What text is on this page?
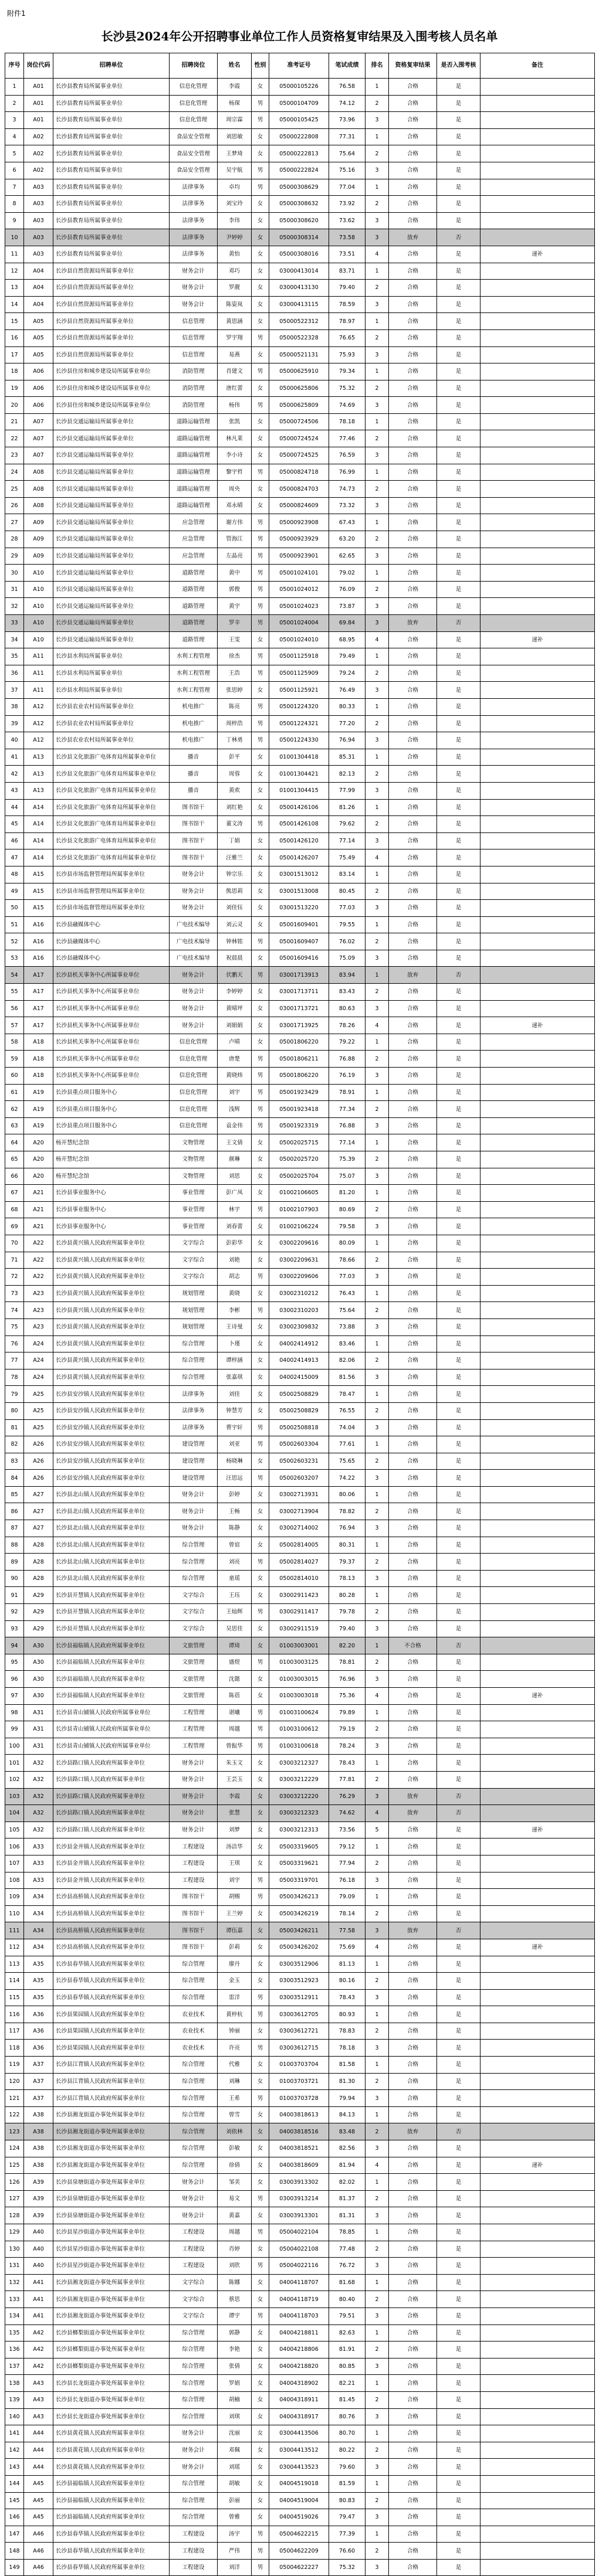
附件1
长沙县2024年公开招聘事业单位工作人员资格复审结果及入围考核人员名单
序号	岗位代码	招聘单位	招聘岗位	姓名	性别	准考证号	笔试成绩	排名	资格复审结果	是否入围考核	备注
1	A01	长沙县教育局所属事业单位	信息化管理	李霞	女	05000105226	76.58	1	合格	是	
2	A01	长沙县教育局所属事业单位	信息化管理	杨琛	男	05000104709	74.12	2	合格	是	
3	A01	长沙县教育局所属事业单位	信息化管理	周宗霖	男	05000105425	73.96	3	合格	是	
4	A02	长沙县教育局所属事业单位	食品安全管理	刘思敏	女	05000222808	77.31	1	合格	是	
5	A02	长沙县教育局所属事业单位	食品安全管理	王梦琦	女	05000222813	75.64	2	合格	是	
6	A02	长沙县教育局所属事业单位	食品安全管理	吴宇航	男	05000222824	75.16	3	合格	是	
7	A03	长沙县教育局所属事业单位	法律事务	卓均	男	05000308629	77.04	1	合格	是	
8	A03	长沙县教育局所属事业单位	法律事务	刘宝玲	女	05000308632	73.92	2	合格	是	
9	A03	长沙县教育局所属事业单位	法律事务	李玮	女	05000308620	73.62	3	合格	是	
10	A03	长沙县教育局所属事业单位	法律事务	尹婷婷	女	05000308314	73.58	3	放弃	否	
11	A03	长沙县教育局所属事业单位	法律事务	黄怡	女	05000308016	73.51	4	合格	是	递补
12	A04	长沙县自然资源局所属事业单位	财务会计	邓巧	女	03000413014	83.71	1	合格	是	
13	A04	长沙县自然资源局所属事业单位	财务会计	罗靓	女	03000413130	79.40	2	合格	是	
14	A04	长沙县自然资源局所属事业单位	财务会计	陈姿岚	女	03000413115	78.59	3	合格	是	
15	A05	长沙县自然资源局所属事业单位	信息管理	黄思涵	女	05000522312	78.97	1	合格	是	
16	A05	长沙县自然资源局所属事业单位	信息管理	罗宇翔	男	05000522328	76.65	2	合格	是	
17	A05	长沙县自然资源局所属事业单位	信息管理	易燕	女	05000521131	75.93	3	合格	是	
18	A06	长沙县住房和城乡建设局所属事业单位	消防管理	肖建文	男	05000625910	79.34	1	合格	是	
19	A06	长沙县住房和城乡建设局所属事业单位	消防管理	唐红蕾	女	05000625806	75.32	2	合格	是	
20	A06	长沙县住房和城乡建设局所属事业单位	消防管理	杨伟	男	05000625809	74.69	3	合格	是	
21	A07	长沙县交通运输局所属事业单位	道路运输管理	张凯	女	05000724506	78.18	1	合格	是	
22	A07	长沙县交通运输局所属事业单位	道路运输管理	林凡莱	女	05000724524	77.46	2	合格	是	
23	A07	长沙县交通运输局所属事业单位	道路运输管理	李小诗	女	05000724525	76.59	3	合格	是	
24	A08	长沙县交通运输局所属事业单位	道路运输管理	黎宇哲	男	05000824718	76.99	1	合格	是	
25	A08	长沙县交通运输局所属事业单位	道路运输管理	周央	女	05000824703	74.73	2	合格	是	
26	A08	长沙县交通运输局所属事业单位	道路运输管理	邓永晴	女	05000824609	73.32	3	合格	是	
27	A09	长沙县交通运输局所属事业单位	应急管理	谢方伟	男	05000923908	67.43	1	合格	是	
28	A09	长沙县交通运输局所属事业单位	应急管理	管海江	男	05000923929	63.20	2	合格	是	
29	A09	长沙县交通运输局所属事业单位	应急管理	左晶亮	男	05000923901	62.65	3	合格	是	
30	A10	长沙县交通运输局所属事业单位	道路管理	黄中	男	05001024101	79.02	1	合格	是	
31	A10	长沙县交通运输局所属事业单位	道路管理	郭俊	男	05001024012	76.09	2	合格	是	
32	A10	长沙县交通运输局所属事业单位	道路管理	黄宇	男	05001024023	73.87	3	合格	是	
33	A10	长沙县交通运输局所属事业单位	道路管理	罗辛	男	05001024004	69.84	3	放弃	否	
34	A10	长沙县交通运输局所属事业单位	道路管理	王雯	女	05001024010	68.95	4	合格	是	递补
35	A11	长沙县水利局所属事业单位	水利工程管理	徐杰	男	05001125918	79.49	1	合格	是	
36	A11	长沙县水利局所属事业单位	水利工程管理	王浩	男	05001125909	79.24	2	合格	是	
37	A11	长沙县水利局所属事业单位	水利工程管理	张思婷	女	05001125921	76.49	3	合格	是	
38	A12	长沙县农业农村局所属事业单位	机电推广	陈亮	男	05001224320	80.33	1	合格	是	
39	A12	长沙县农业农村局所属事业单位	机电推广	周梓浩	男	05001224321	77.20	2	合格	是	
40	A12	长沙县农业农村局所属事业单位	机电推广	丁林勇	男	05001224330	76.94	3	合格	是	
41	A13	长沙县文化旅游广电体育局所属事业单位	播音	彭平	女	01001304418	85.31	1	合格	是	
42	A13	长沙县文化旅游广电体育局所属事业单位	播音	周蓉	女	01001304421	82.13	2	合格	是	
43	A13	长沙县文化旅游广电体育局所属事业单位	播音	黄欢	女	01001304415	77.99	3	合格	是	
44	A14	长沙县文化旅游广电体育局所属事业单位	图书馆干	刘红艳	女	05001426106	81.26	1	合格	是	
45	A14	长沙县文化旅游广电体育局所属事业单位	图书馆干	董文涛	男	05001426108	79.62	2	合格	是	
46	A14	长沙县文化旅游广电体育局所属事业单位	图书馆干	丁娟	女	05001426120	77.14	3	合格	是	
47	A14	长沙县文化旅游广电体育局所属事业单位	图书馆干	汪雅兰	女	05001426207	75.49	4	合格	是	
48	A15	长沙县市场监督管理局所属事业单位	财务会计	钟宗乐	女	03001513012	83.14	1	合格	是	
49	A15	长沙县市场监督管理局所属事业单位	财务会计	熊思莉	女	03001513008	80.45	2	合格	是	
50	A15	长沙县市场监督管理局所属事业单位	财务会计	刘佳钰	女	03001513220	77.03	3	合格	是	
51	A16	长沙县融媒体中心	广电技术编导	刘云灵	女	05001609401	79.55	1	合格	是	
52	A16	长沙县融媒体中心	广电技术编导	钟林铭	男	05001609407	76.02	2	合格	是	
53	A16	长沙县融媒体中心	广电技术编导	祝晨晨	女	05001609416	75.09	3	合格	是	
54	A17	长沙县机关事务中心所属事业单位	财务会计	伏鹏天	男	03001713913	83.94	1	放弃	否	
55	A17	长沙县机关事务中心所属事业单位	财务会计	李婷婷	女	03001713711	83.43	2	合格	是	
56	A17	长沙县机关事务中心所属事业单位	财务会计	黄晴坪	女	03001713721	80.63	3	合格	是	
57	A17	长沙县机关事务中心所属事业单位	财务会计	刘娟娟	女	03001713925	78.26	4	合格	是	递补
58	A18	长沙县机关事务中心所属事业单位	信息化管理	卢晴	女	05001806220	79.22	1	合格	是	
59	A18	长沙县机关事务中心所属事业单位	信息化管理	唐楚	男	05001806211	76.88	2	合格	是	
60	A18	长沙县机关事务中心所属事业单位	信息化管理	黄晓炜	男	05001806220	76.19	3	合格	是	
61	A19	长沙县重点项目服务中心	信息化管理	刘宇	男	05001923429	78.91	1	合格	是	
62	A19	长沙县重点项目服务中心	信息化管理	浅辉	男	05001923418	77.34	2	合格	是	
63	A19	长沙县重点项目服务中心	信息化管理	袁金伟	男	05001923319	76.88	3	合格	是	
64	A20	杨开慧纪念馆	文物管理	王文倩	女	05002025715	77.14	1	合格	是	
65	A20	杨开慧纪念馆	文物管理	颜琳	女	05002025720	75.39	2	合格	是	
66	A20	杨开慧纪念馆	文物管理	刘思	女	05002025704	75.07	3	合格	是	
67	A21	长沙县事业服务中心	事业管理	彭广凤	女	01002106605	81.20	1	合格	是	
68	A21	长沙县事业服务中心	事业管理	林宇	男	01002107903	80.69	2	合格	是	
69	A21	长沙县事业服务中心	事业管理	刘春蕾	女	01002106224	79.58	3	合格	是	
70	A22	长沙县黄兴镇人民政府所属事业单位	文字综合	彭彩华	女	03002209616	80.09	1	合格	是	
71	A22	长沙县黄兴镇人民政府所属事业单位	文字综合	刘艳	女	03002209631	78.66	2	合格	是	
72	A22	长沙县黄兴镇人民政府所属事业单位	文字综合	胡志	男	03002209606	77.03	3	合格	是	
73	A23	长沙县黄兴镇人民政府所属事业单位	规划管理	黄晓	女	03002310212	76.43	1	合格	是	
74	A23	长沙县黄兴镇人民政府所属事业单位	规划管理	李彬	男	03002310203	75.64	2	合格	是	
75	A23	长沙县黄兴镇人民政府所属事业单位	规划管理	王诗曼	女	03002309832	73.88	3	合格	是	
76	A24	长沙县黄兴镇人民政府所属事业单位	综合管理	卜瑾	女	04002414912	83.46	1	合格	是	
77	A24	长沙县黄兴镇人民政府所属事业单位	综合管理	谭梓涵	女	04002414913	82.06	2	合格	是	
78	A24	长沙县黄兴镇人民政府所属事业单位	综合管理	张嘉琪	女	04002415009	81.56	3	合格	是	
79	A25	长沙县安沙镇人民政府所属事业单位	法律事务	刘佳	女	05002508829	78.47	1	合格	是	
80	A25	长沙县安沙镇人民政府所属事业单位	法律事务	钟慧芳	女	05002508829	76.55	2	合格	是	
81	A25	长沙县安沙镇人民政府所属事业单位	法律事务	曹宇轩	男	05002508818	74.04	3	合格	是	
82	A26	长沙县安沙镇人民政府所属事业单位	建设管理	刘亚	男	05002603304	77.61	1	合格	是	
83	A26	长沙县安沙镇人民政府所属事业单位	建设管理	杨晓琳	女	05002603231	75.65	2	合格	是	
84	A26	长沙县安沙镇人民政府所属事业单位	建设管理	汪思远	男	05002603207	74.22	3	合格	是	
85	A27	长沙县北山镇人民政府所属事业单位	财务会计	彭婷	女	03002713931	80.06	1	合格	是	
86	A27	长沙县北山镇人民政府所属事业单位	财务会计	王畅	女	03002713904	78.82	2	合格	是	
87	A27	长沙县北山镇人民政府所属事业单位	财务会计	陈静	女	03002714002	76.94	3	合格	是	
88	A28	长沙县北山镇人民政府所属事业单位	综合管理	曾谊	女	05002814005	80.31	1	合格	是	
89	A28	长沙县北山镇人民政府所属事业单位	综合管理	刘亮	男	05002814027	79.37	2	合格	是	
90	A28	长沙县北山镇人民政府所属事业单位	综合管理	童瑶	女	05002814010	78.13	3	合格	是	
91	A29	长沙县开慧镇人民政府所属事业单位	文字综合	王珏	女	03002911423	80.28	1	合格	是	
92	A29	长沙县开慧镇人民政府所属事业单位	文字综合	王灿辉	男	03002911417	79.78	2	合格	是	
93	A29	长沙县开慧镇人民政府所属事业单位	文字综合	吴思佳	女	03002911519	79.40	3	合格	是	
94	A30	长沙县福临镇人民政府所属事业单位	文旅管理	谭琦	女	01003003001	82.20	1	不合格	否	
95	A30	长沙县福临镇人民政府所属事业单位	文旅管理	盛煜	男	01003003125	78.81	2	合格	是	
96	A30	长沙县福临镇人民政府所属事业单位	文旅管理	沈懿	女	01003003015	76.96	3	合格	是	
97	A30	长沙县福临镇人民政府所属事业单位	文旅管理	陈蓓	女	01003003018	75.36	4	合格	是	递补
98	A31	长沙县青山铺镇人民政府所属事业单位	工程管理	谌曦	男	01003100624	79.89	1	合格	是	
99	A31	长沙县青山铺镇人民政府所属事业单位	工程管理	周越	男	01003100612	79.19	2	合格	是	
100	A31	长沙县青山铺镇人民政府所属事业单位	工程管理	曾振华	男	01003100618	78.24	3	合格	是	
101	A32	长沙县路口镇人民政府所属事业单位	财务会计	朱玉文	女	03003212327	78.43	1	合格	是	
102	A32	长沙县路口镇人民政府所属事业单位	财务会计	王芸玉	女	03003212229	77.81	2	合格	是	
103	A32	长沙县路口镇人民政府所属事业单位	财务会计	李霞	女	03003212220	76.29	3	放弃	否	
104	A32	长沙县路口镇人民政府所属事业单位	财务会计	张慧	女	03003212323	74.62	4	放弃	否	
105	A32	长沙县路口镇人民政府所属事业单位	财务会计	刘梦	女	03003212313	73.56	5	合格	是	递补
106	A33	长沙县金井镇人民政府所属事业单位	工程建设	汤洁华	女	05003319605	79.12	1	合格	是	
107	A33	长沙县金井镇人民政府所属事业单位	工程建设	王琪	女	05003319621	77.94	2	合格	是	
108	A33	长沙县金井镇人民政府所属事业单位	工程建设	刘宇	男	05003319701	76.18	3	合格	是	
109	A34	长沙县高桥镇人民政府所属事业单位	图书馆干	胡赐	男	05003426213	79.09	1	合格	是	
110	A34	长沙县高桥镇人民政府所属事业单位	图书馆干	王兰婷	女	05003426219	78.14	2	合格	是	
111	A34	长沙县高桥镇人民政府所属事业单位	图书馆干	谭伍嘉	女	05003426211	77.58	3	放弃	否	
112	A34	长沙县高桥镇人民政府所属事业单位	图书馆干	彭莉	女	05003426202	75.69	4	合格	是	递补
113	A35	长沙县春华镇人民政府所属事业单位	综合管理	廖丹	女	03003512906	81.13	1	合格	是	
114	A35	长沙县春华镇人民政府所属事业单位	综合管理	金玉	女	03003512923	80.16	2	合格	是	
115	A35	长沙县春华镇人民政府所属事业单位	综合管理	雷洋	男	03003512911	78.43	3	合格	是	
116	A36	长沙县果园镇人民政府所属事业单位	农业技术	黄梓杭	男	03003612705	80.93	1	合格	是	
117	A36	长沙县果园镇人民政府所属事业单位	农业技术	钟丽	女	03003612721	78.83	2	合格	是	
118	A36	长沙县果园镇人民政府所属事业单位	农业技术	许亮	男	03003612715	78.18	3	合格	是	
119	A37	长沙县江背镇人民政府所属事业单位	综合管理	代雅	女	01003703704	81.58	1	合格	是	
120	A37	长沙县江背镇人民政府所属事业单位	综合管理	刘琳	女	01003703721	81.30	2	合格	是	
121	A37	长沙县江背镇人民政府所属事业单位	综合管理	王希	男	01003703728	79.94	3	合格	是	
122	A38	长沙县湘龙街道办事处所属事业单位	综合管理	曾雪	女	04003818613	84.13	1	合格	是	
123	A38	长沙县湘龙街道办事处所属事业单位	综合管理	刘依林	女	04003818516	83.48	2	放弃	否	
124	A38	长沙县湘龙街道办事处所属事业单位	综合管理	彭敏	女	04003818521	82.56	3	合格	是	
125	A38	长沙县湘龙街道办事处所属事业单位	综合管理	徐倩	女	04003818609	81.94	4	合格	是	递补
126	A39	长沙县泉塘街道办事处所属事业单位	财务会计	邹美	女	03003913302	82.02	1	合格	是	
127	A39	长沙县泉塘街道办事处所属事业单位	财务会计	易文	男	03003913214	81.37	2	合格	是	
128	A39	长沙县泉塘街道办事处所属事业单位	财务会计	黄嘉	女	03003913301	81.31	3	合格	是	
129	A40	长沙县星沙街道办事处所属事业单位	工程建设	周越	男	05004022104	78.85	1	合格	是	
130	A40	长沙县星沙街道办事处所属事业单位	工程建设	肖婷	女	05004022108	77.48	2	合格	是	
131	A40	长沙县星沙街道办事处所属事业单位	工程建设	刘欣	男	05004022116	76.72	3	合格	是	
132	A41	长沙县湘龙街道办事处所属事业单位	文字综合	陈娜	女	04004118707	81.68	1	合格	是	
133	A41	长沙县湘龙街道办事处所属事业单位	文字综合	蔡思	女	04004118719	80.40	2	合格	是	
134	A41	长沙县湘龙街道办事处所属事业单位	文字综合	谭宇	男	04004118703	79.51	3	合格	是	
135	A42	长沙县榔梨街道办事处所属事业单位	综合管理	郭静	女	04004218811	82.63	1	合格	是	
136	A42	长沙县榔梨街道办事处所属事业单位	综合管理	李艳	女	04004218806	81.91	2	合格	是	
137	A42	长沙县榔梨街道办事处所属事业单位	综合管理	张倩	女	04004218820	80.85	3	合格	是	
138	A43	长沙县长龙街道办事处所属事业单位	综合管理	罗娟	女	04004318902	82.21	1	合格	是	
139	A43	长沙县长龙街道办事处所属事业单位	综合管理	胡楠	女	04004318911	81.45	2	合格	是	
140	A43	长沙县长龙街道办事处所属事业单位	综合管理	刘琪	女	04004318917	80.76	3	合格	是	
141	A44	长沙县黄花镇人民政府所属事业单位	财务会计	沈丽	女	03004413506	80.70	1	合格	是	
142	A44	长沙县黄花镇人民政府所属事业单位	财务会计	邓佩	女	03004413512	80.22	2	合格	是	
143	A44	长沙县黄花镇人民政府所属事业单位	财务会计	刘瑶	女	03004413523	79.60	3	合格	是	
144	A45	长沙县福临镇人民政府所属事业单位	综合管理	胡敏	女	04004519018	81.59	1	合格	是	
145	A45	长沙县福临镇人民政府所属事业单位	综合管理	彭丽	女	04004519004	80.83	2	合格	是	
146	A45	长沙县福临镇人民政府所属事业单位	综合管理	曾雅	女	04004519026	79.47	3	合格	是	
147	A46	长沙县春华镇人民政府所属事业单位	工程建设	汤宇	男	05004622215	77.39	1	合格	是	
148	A46	长沙县春华镇人民政府所属事业单位	工程建设	严伟	男	05004622209	76.60	2	合格	是	
149	A46	长沙县春华镇人民政府所属事业单位	工程建设	刘洋	男	05004622227	75.32	3	合格	是	
